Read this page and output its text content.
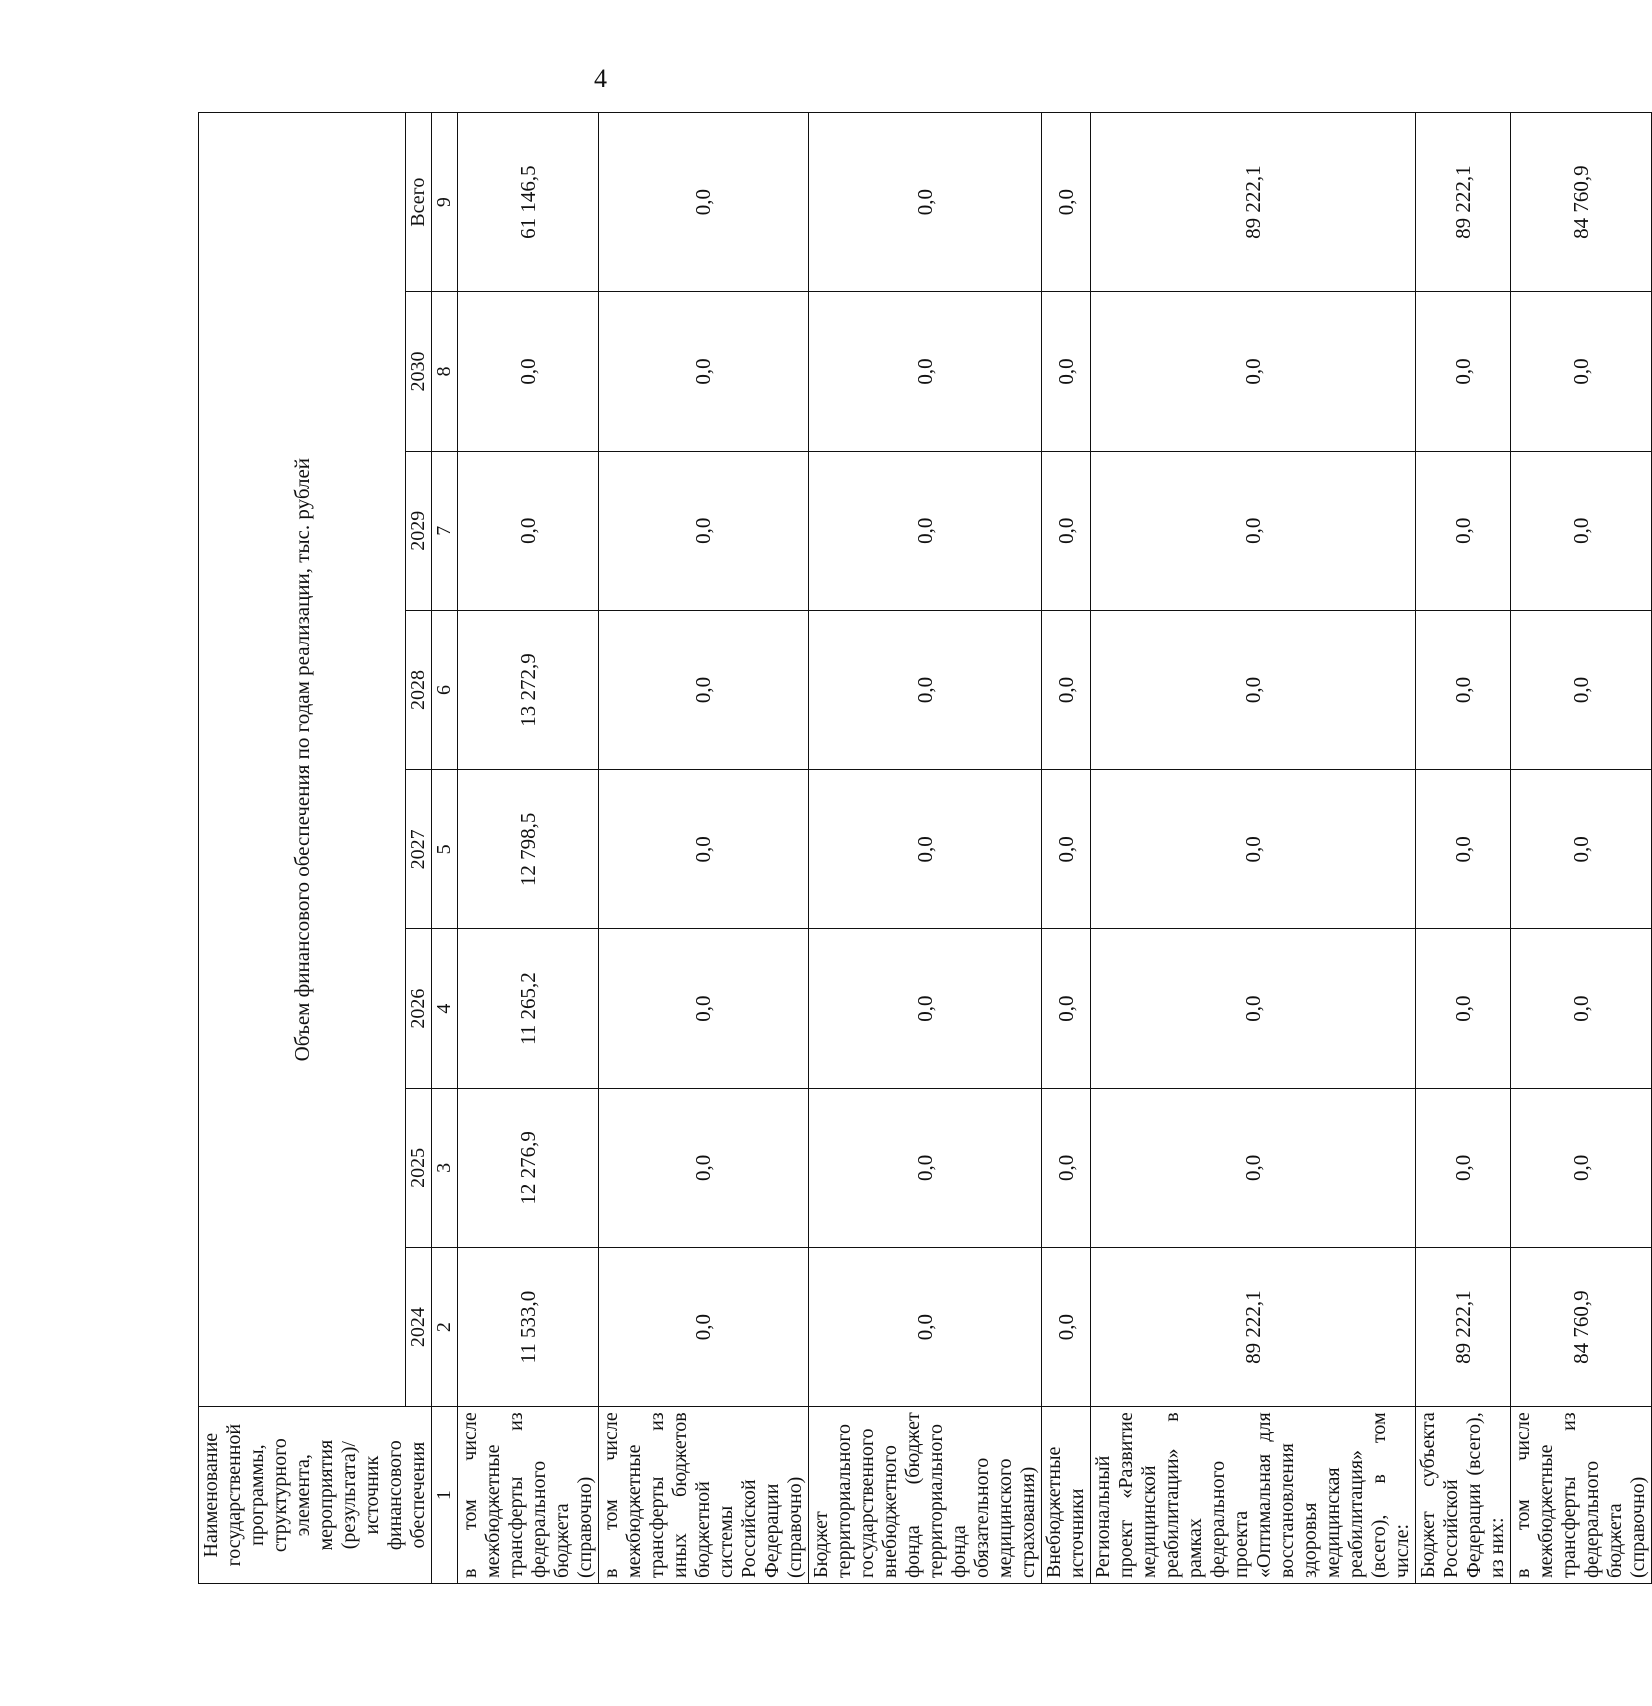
4
Наименование государственной программы, структурного элемента, мероприятия (результата)/источник финансового обеспечения	Объем финансового обеспечения по годам реализации, тыс. рублей							
	2024	2025	2026	2027	2028	2029	2030	Всего
1	2	3	4	5	6	7	8	9
в том числе межбюджетные трансферты из федерального бюджета (справочно)	11 533,0	12 276,9	11 265,2	12 798,5	13 272,9	0,0	0,0	61 146,5
в том числе межбюджетные трансферты из иных бюджетов бюджетной системы Российской Федерации (справочно)	0,0	0,0	0,0	0,0	0,0	0,0	0,0	0,0
Бюджет территориального государственного внебюджетного фонда (бюджет территориального фонда обязательного медицинского страхования)	0,0	0,0	0,0	0,0	0,0	0,0	0,0	0,0
Внебюджетные источники	0,0	0,0	0,0	0,0	0,0	0,0	0,0	0,0
Региональный проект «Развитие медицинской реабилитации» в рамках федерального проекта «Оптимальная для восстановления здоровья медицинская реабилитация» (всего), в том числе:	89 222,1	0,0	0,0	0,0	0,0	0,0	0,0	89 222,1
Бюджет субъекта Российской Федерации (всего), из них:	89 222,1	0,0	0,0	0,0	0,0	0,0	0,0	89 222,1
в том числе межбюджетные трансферты из федерального бюджета (справочно)	84 760,9	0,0	0,0	0,0	0,0	0,0	0,0	84 760,9
